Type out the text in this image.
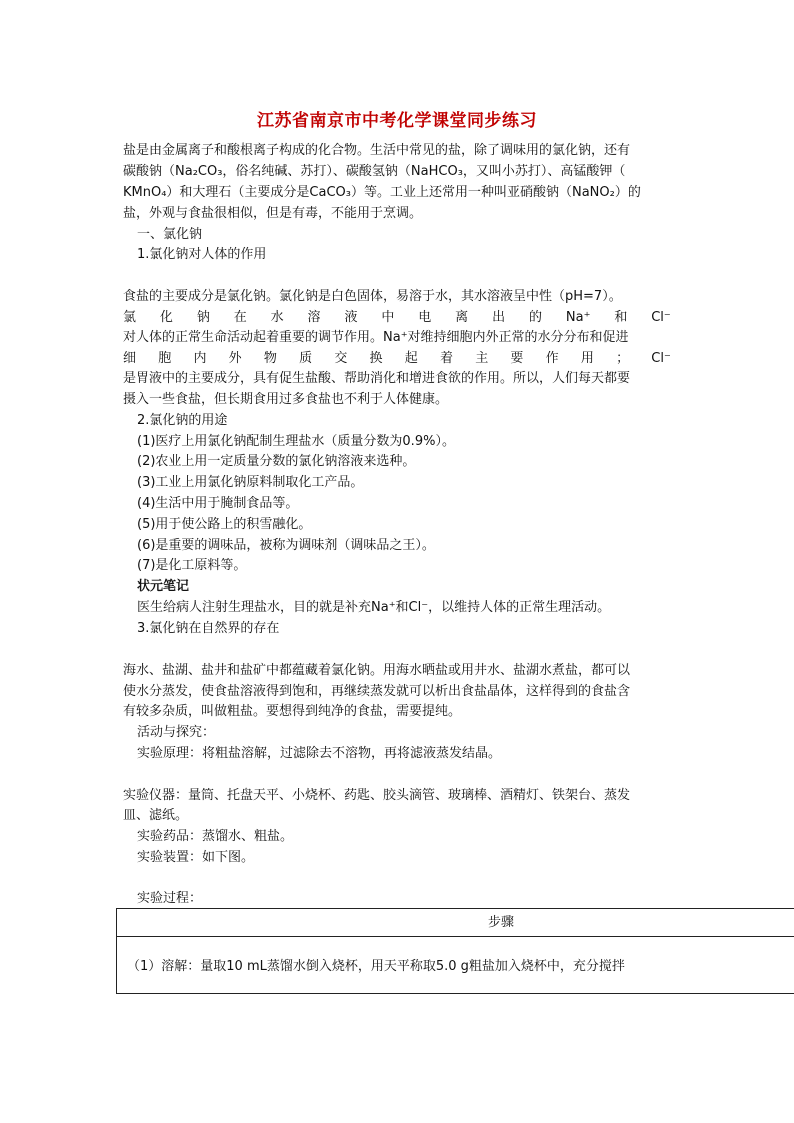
江苏省南京市中考化学课堂同步练习
盐是由金属离子和酸根离子构成的化合物。生活中常见的盐，除了调味用的氯化钠，还有
碳酸钠（Na₂CO₃，俗名纯碱、苏打）、碳酸氢钠（NaHCO₃，又叫小苏打）、高锰酸钾（
KMnO₄）和大理石（主要成分是CaCO₃）等。工业上还常用一种叫亚硝酸钠（NaNO₂）的
盐，外观与食盐很相似，但是有毒，不能用于烹调。
一、氯化钠
1.氯化钠对人体的作用
食盐的主要成分是氯化钠。氯化钠是白色固体，易溶于水，其水溶液呈中性（pH=7）。
氯 化 钠 在 水 溶 液 中 电 离 出 的 Na⁺ 和 Cl⁻
对人体的正常生命活动起着重要的调节作用。Na⁺对维持细胞内外正常的水分分布和促进
细 胞 内 外 物 质 交 换 起 着 主 要 作 用 ； Cl⁻
是胃液中的主要成分，具有促生盐酸、帮助消化和增进食欲的作用。所以，人们每天都要
摄入一些食盐，但长期食用过多食盐也不利于人体健康。
2.氯化钠的用途
(1)医疗上用氯化钠配制生理盐水（质量分数为0.9%）。
(2)农业上用一定质量分数的氯化钠溶液来选种。
(3)工业上用氯化钠原料制取化工产品。
(4)生活中用于腌制食品等。
(5)用于使公路上的积雪融化。
(6)是重要的调味品，被称为调味剂（调味品之王）。
(7)是化工原料等。
状元笔记
医生给病人注射生理盐水，目的就是补充Na⁺和Cl⁻，以维持人体的正常生理活动。
3.氯化钠在自然界的存在
海水、盐湖、盐井和盐矿中都蕴藏着氯化钠。用海水晒盐或用井水、盐湖水煮盐，都可以
使水分蒸发，使食盐溶液得到饱和，再继续蒸发就可以析出食盐晶体，这样得到的食盐含
有较多杂质，叫做粗盐。要想得到纯净的食盐，需要提纯。
活动与探究：
实验原理：将粗盐溶解，过滤除去不溶物，再将滤液蒸发结晶。
实验仪器：量筒、托盘天平、小烧杯、药匙、胶头滴管、玻璃棒、酒精灯、铁架台、蒸发
皿、滤纸。
实验药品：蒸馏水、粗盐。
实验装置：如下图。
实验过程：
步骤
（1）溶解：量取10 mL蒸馏水倒入烧杯，用天平称取5.0 g粗盐加入烧杯中，充分搅拌
